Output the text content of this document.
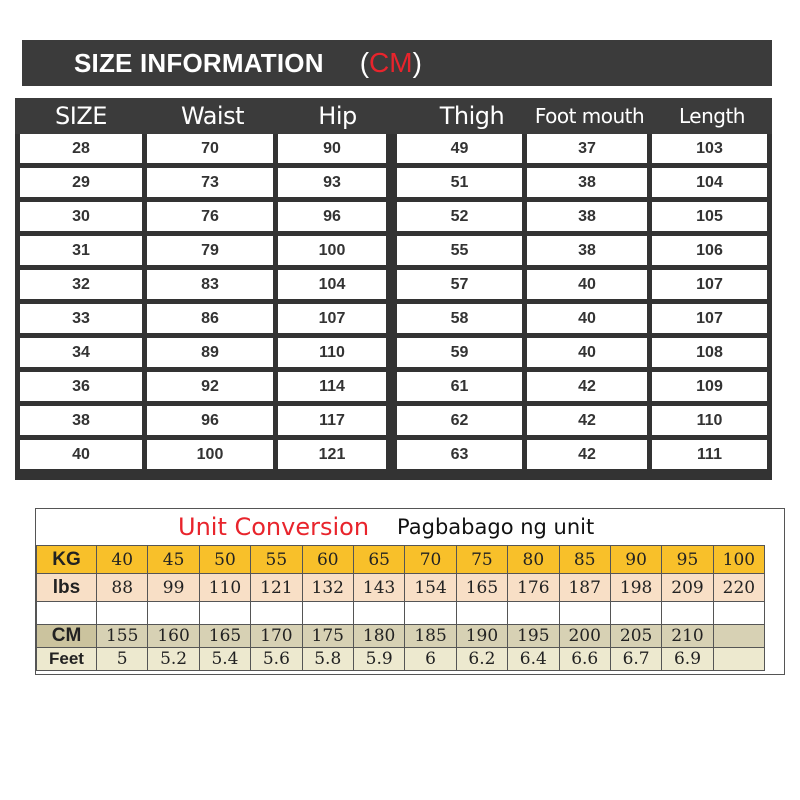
SIZE INFORMATION (CM)
SIZE	Waist	Hip	Thigh	Foot mouth	Length
28	70	90	49	37	103
29	73	93	51	38	104
30	76	96	52	38	105
31	79	100	55	38	106
32	83	104	57	40	107
33	86	107	58	40	107
34	89	110	59	40	108
36	92	114	61	42	109
38	96	117	62	42	110
40	100	121	63	42	111
Unit Conversion Pagbabago ng unit
KG	40	45	50	55	60	65	70	75	80	85	90	95	100
lbs	88	99	110	121	132	143	154	165	176	187	198	209	220

CM	155	160	165	170	175	180	185	190	195	200	205	210	
Feet	5	5.2	5.4	5.6	5.8	5.9	6	6.2	6.4	6.6	6.7	6.9	
